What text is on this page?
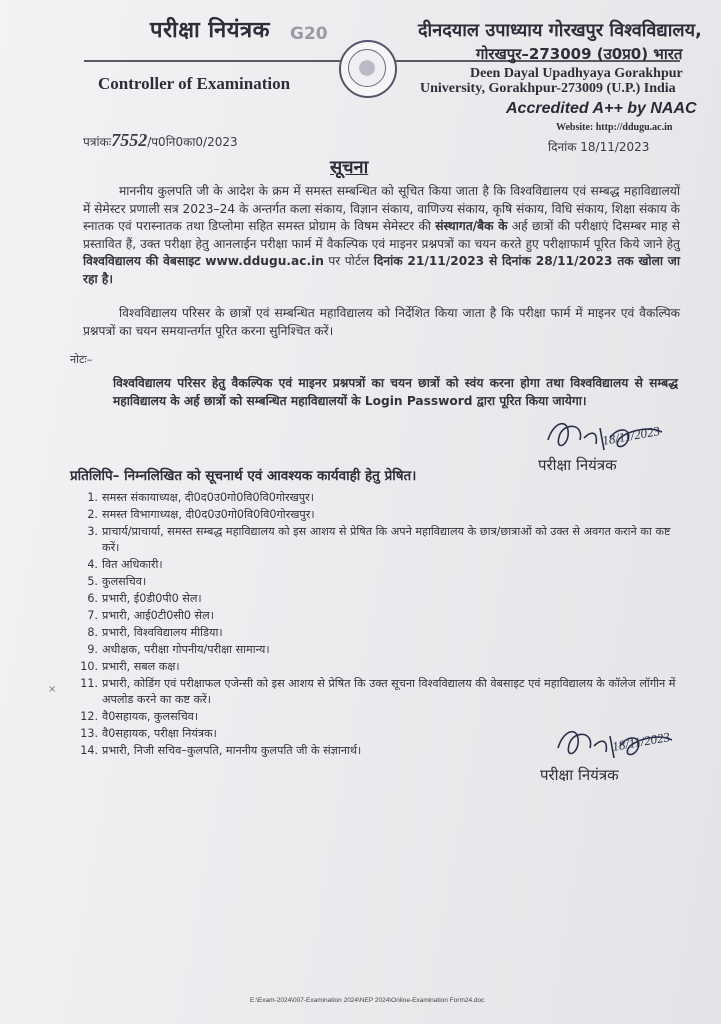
परीक्षा नियंत्रक G20
Controller of Examination
दीनदयाल उपाध्याय गोरखपुर विश्वविद्यालय,
गोरखपुर–273009 (उ0प्र0) भारत
Deen Dayal Upadhyaya Gorakhpur
University, Gorakhpur-273009 (U.P.) India
Accredited A++ by NAAC
Website: http://ddugu.ac.in
पत्रांकः7552/प0नि0का0/2023	दिनांक 18/11/2023
सूचना
माननीय कुलपति जी के आदेश के क्रम में समस्त सम्बन्धित को सूचित किया जाता है कि विश्वविद्यालय एवं सम्बद्ध महाविद्यालयों में सेमेस्टर प्रणाली सत्र 2023–24 के अन्तर्गत कला संकाय, विज्ञान संकाय, वाणिज्य संकाय, कृषि संकाय, विधि संकाय, शिक्षा संकाय के स्नातक एवं परास्नातक तथा डिप्लोमा सहित समस्त प्रोग्राम के विषम सेमेस्टर की संस्थागत/बैक के अर्ह छात्रों की परीक्षाएं दिसम्बर माह से प्रस्तावित हैं, उक्त परीक्षा हेतु आनलाईन परीक्षा फार्म में वैकल्पिक एवं माइनर प्रश्नपत्रों का चयन करते हुए परीक्षाफार्म पूरित किये जाने हेतु विश्वविद्यालय की वेबसाइट www.ddugu.ac.in पर पोर्टल दिनांक 21/11/2023 से दिनांक 28/11/2023 तक खोला जा रहा है।
विश्वविद्यालय परिसर के छात्रों एवं सम्बन्धित महाविद्यालय को निर्देशित किया जाता है कि परीक्षा फार्म में माइनर एवं वैकल्पिक प्रश्नपत्रों का चयन समयान्तर्गत पूरित करना सुनिश्चित करें।
नोटः–
विश्वविद्यालय परिसर हेतु वैकल्पिक एवं माइनर प्रश्नपत्रों का चयन छात्रों को स्वंय करना होगा तथा विश्वविद्यालय से सम्बद्ध महाविद्यालय के अर्ह छात्रों को सम्बन्धित महाविद्यालयों के Login Password द्वारा पूरित किया जायेगा।
18/11/2023
परीक्षा नियंत्रक
प्रतिलिपि– निम्नलिखित को सूचनार्थ एवं आवश्यक कार्यवाही हेतु प्रेषित।
1. समस्त संकायाध्यक्ष, दी0द0उ0गो0वि0वि0गोरखपुर।
2. समस्त विभागाध्यक्ष, दी0द0उ0गो0वि0वि0गोरखपुर।
3. प्राचार्य/प्राचार्या, समस्त सम्बद्ध महाविद्यालय को इस आशय से प्रेषित कि अपने महाविद्यालय के छात्र/छात्राओं को उक्त से अवगत कराने का कष्ट करें।
4. वित अधिकारी।
5. कुलसचिव।
6. प्रभारी, ई0डी0पी0 सेल।
7. प्रभारी, आई0टी0सी0 सेल।
8. प्रभारी, विश्वविद्यालय मीडिया।
9. अधीक्षक, परीक्षा गोपनीय/परीक्षा सामान्य।
10. प्रभारी, सबल कक्ष।
11. प्रभारी, कोडिंग एवं परीक्षाफल एजेन्सी को इस आशय से प्रेषित कि उक्त सूचना विश्वविद्यालय की वेबसाइट एवं महाविद्यालय के कॉलेज लॉगीन में अपलोड करने का कष्ट करें।
12. वै0सहायक, कुलसचिव।
13. वै0सहायक, परीक्षा नियंत्रक।
14. प्रभारी, निजी सचिव–कुलपति, माननीय कुलपति जी के संज्ञानार्थ।
×
18/11/2023
परीक्षा नियंत्रक
E:\Exam-2024\007-Examination 2024\NEP 2024\Online-Examination Form24.doc
